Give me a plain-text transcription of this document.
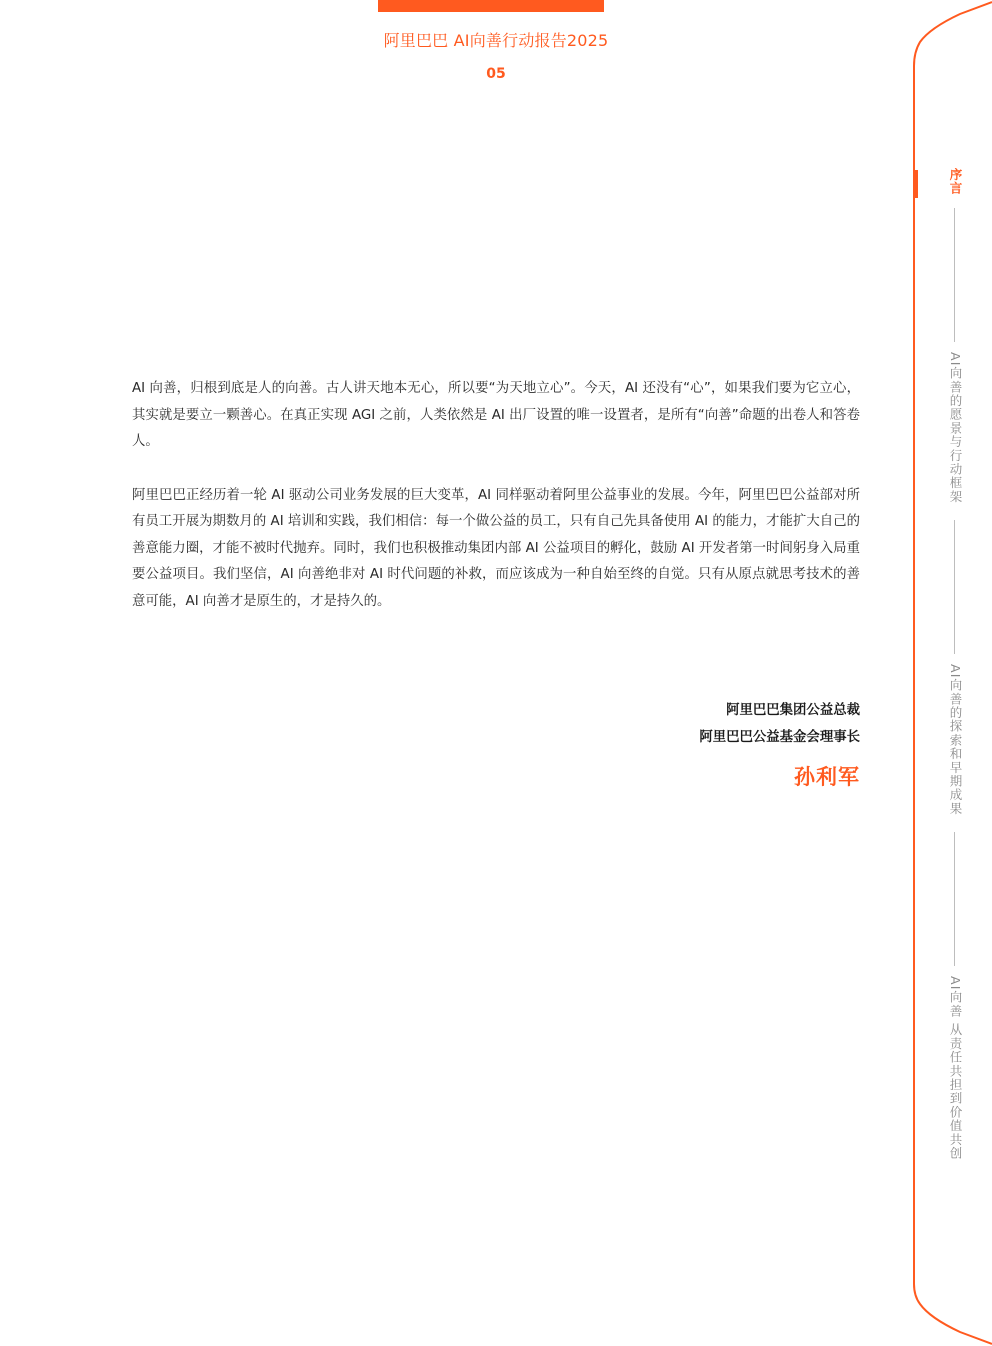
阿里巴巴 AI向善行动报告2025
05

AI 向善，归根到底是人的向善。古人讲天地本无心，所以要“为天地立心”。今天，AI 还没有“心”，如果我们要为它立心，其实就是要立一颗善心。在真正实现 AGI 之前，人类依然是 AI 出厂设置的唯一设置者，是所有“向善”命题的出卷人和答卷人。

阿里巴巴正经历着一轮 AI 驱动公司业务发展的巨大变革，AI 同样驱动着阿里公益事业的发展。今年，阿里巴巴公益部对所有员工开展为期数月的 AI 培训和实践，我们相信：每一个做公益的员工，只有自己先具备使用 AI 的能力，才能扩大自己的善意能力圈，才能不被时代抛弃。同时，我们也积极推动集团内部 AI 公益项目的孵化，鼓励 AI 开发者第一时间躬身入局重要公益项目。我们坚信，AI 向善绝非对 AI 时代问题的补救，而应该成为一种自始至终的自觉。只有从原点就思考技术的善意可能，AI 向善才是原生的，才是持久的。

阿里巴巴集团公益总裁
阿里巴巴公益基金会理事长
孙利军
序言
AI向善的愿景与行动框架
AI向善的探索和早期成果
AI向善 从责任共担到价值共创
